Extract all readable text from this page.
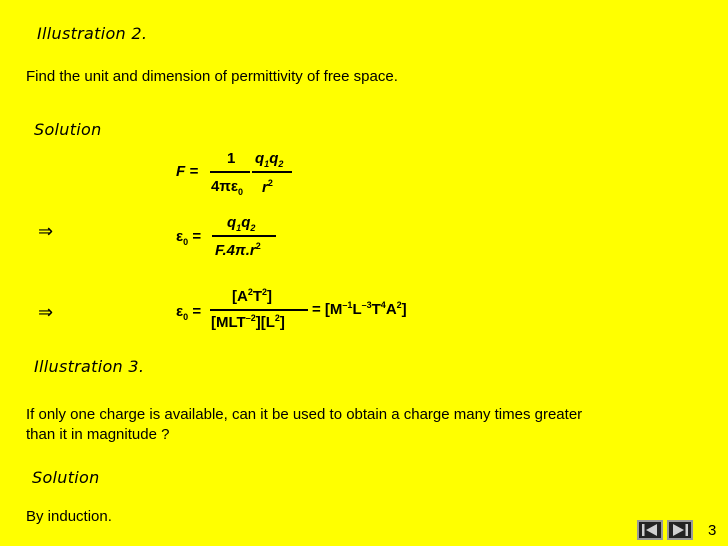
Illustration 2.
Find the unit and dimension of permittivity of free space.
Solution
F =
1
$4\pi\varepsilon_0$
$q_1q_2$
$r^2$
⇒	$\varepsilon_0$ =
$q_1q_2$
$F.4\pi.r^2$
⇒	$\varepsilon_0$ =
$[A^2T^2]$
$[MLT^{-2}][L^2]$
= $[M^{-1}L^{-3}T^4A^2]$
Illustration 3.
If only one charge is available, can it be used to obtain a charge many times greater
than it in magnitude ?
Solution
By induction.
3
